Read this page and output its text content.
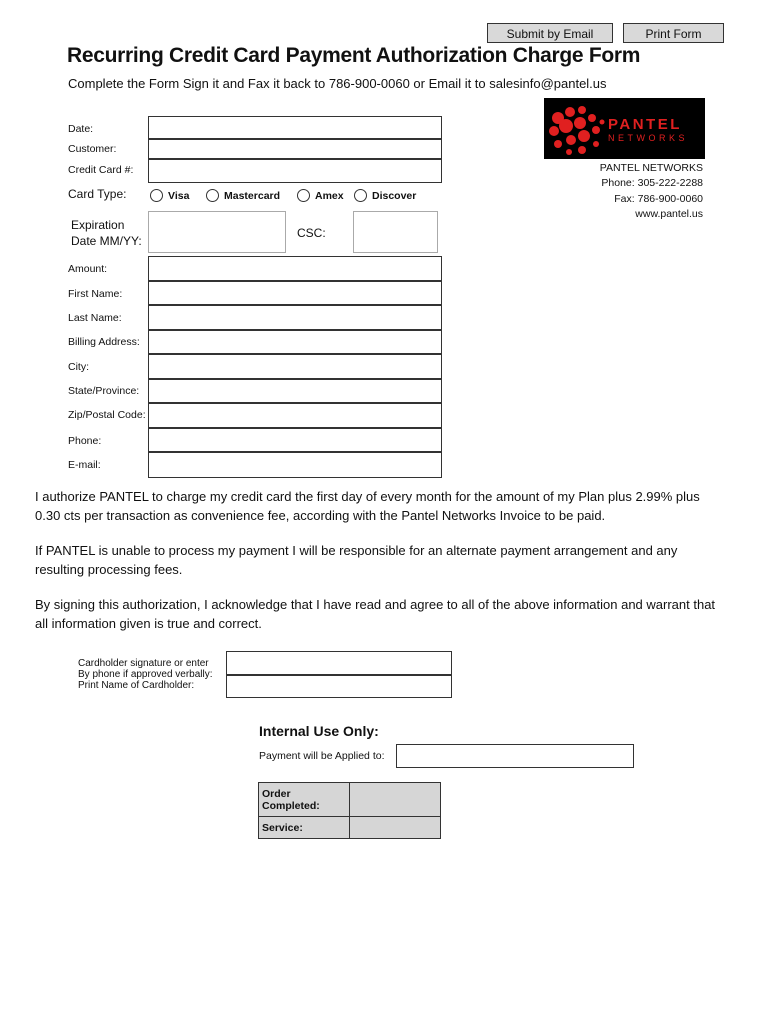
Submit by Email	Print Form
Recurring Credit Card Payment Authorization Charge Form
Complete the Form Sign it and Fax it back to 786-900-0060 or Email it to salesinfo@pantel.us
PANTEL
NETWORKS
PANTEL NETWORKS
Phone: 305-222-2288
Fax: 786-900-0060
www.pantel.us
Date:
Customer:
Credit Card #:
Card Type:	Visa	Mastercard	Amex	Discover
Expiration
Date MM/YY:
CSC:
Amount:
First Name:
Last Name:
Billing Address:
City:
State/Province:
Zip/Postal Code:
Phone:
E-mail:
I authorize PANTEL to charge my credit card the first day of every month for the amount of my Plan plus 2.99% plus 0.30 cts per transaction as convenience fee, according with the Pantel Networks Invoice to be paid.
If PANTEL is unable to process my payment I will be responsible for an alternate payment arrangement and any resulting processing fees.
By signing this authorization, I acknowledge that I have read and agree to all of the above information and warrant that all information given is true and correct.
Cardholder signature or enter
By phone if approved verbally:
Print Name of Cardholder:
Internal Use Only:
Payment will be Applied to:
Order
Completed:	

Service:	
